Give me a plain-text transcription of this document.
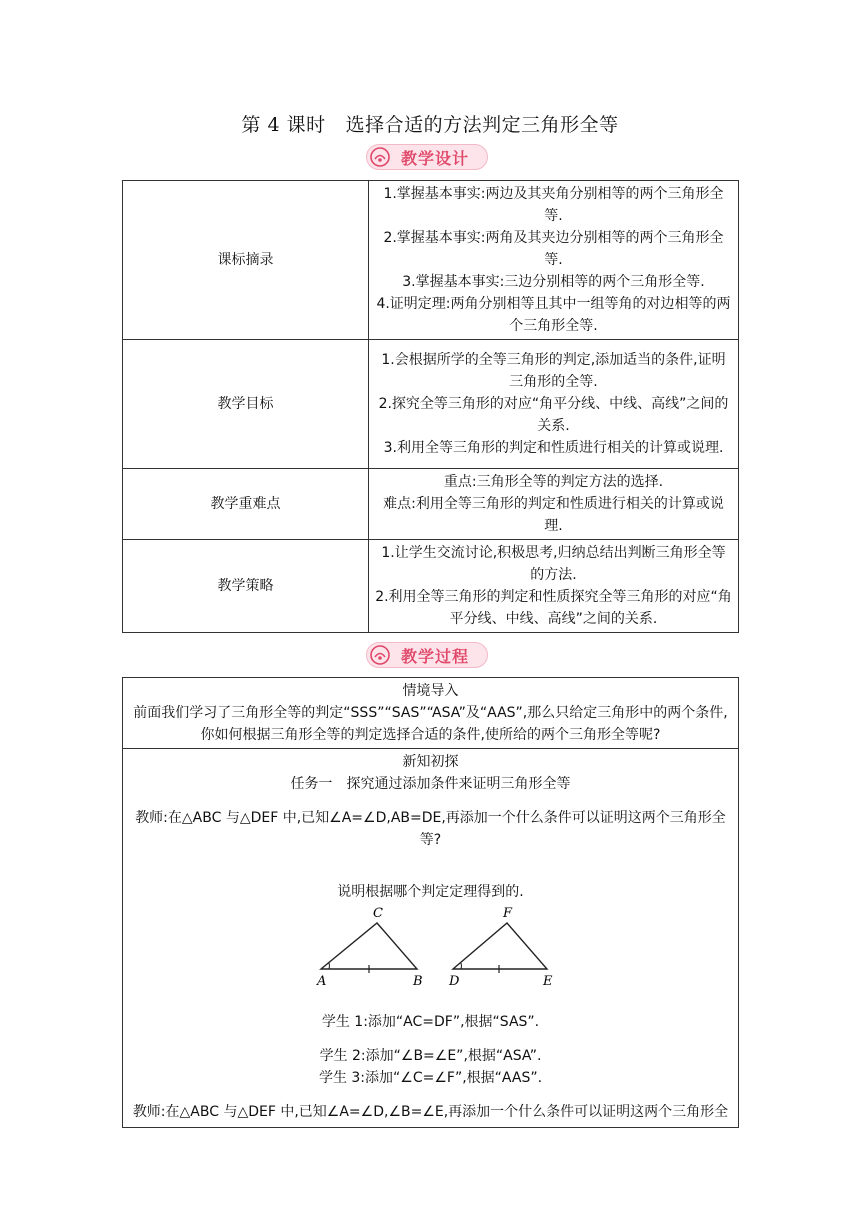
第 4 课时 选择合适的方法判定三角形全等
教学设计
课标摘录	1.掌握基本事实:两边及其夹角分别相等的两个三角形全等.
2.掌握基本事实:两角及其夹边分别相等的两个三角形全等.
3.掌握基本事实:三边分别相等的两个三角形全等.
4.证明定理:两角分别相等且其中一组等角的对边相等的两个三角形全等.

教学目标	1.会根据所学的全等三角形的判定,添加适当的条件,证明三角形的全等.
2.探究全等三角形的对应“角平分线、中线、高线”之间的关系.
3.利用全等三角形的判定和性质进行相关的计算或说理.

教学重难点	重点:三角形全等的判定方法的选择.
难点:利用全等三角形的判定和性质进行相关的计算或说理.

教学策略	1.让学生交流讨论,积极思考,归纳总结出判断三角形全等的方法.
2.利用全等三角形的判定和性质探究全等三角形的对应“角平分线、中线、高线”之间的关系.
教学过程
情境导入
前面我们学习了三角形全等的判定“SSS”“SAS”“ASA”及“AAS”,那么只给定三角形中的两个条件,你如何根据三角形全等的判定选择合适的条件,使所给的两个三角形全等呢?

新知初探
任务一　探究通过添加条件来证明三角形全等
教师:在△ABC 与△DEF 中,已知∠A=∠D,AB=DE,再添加一个什么条件可以证明这两个三角形全等?
说明根据哪个判定定理得到的.
A	B
C
D	E
F
学生 1:添加“AC=DF”,根据“SAS”.
学生 2:添加“∠B=∠E”,根据“ASA”.
学生 3:添加“∠C=∠F”,根据“AAS”.
教师:在△ABC 与△DEF 中,已知∠A=∠D,∠B=∠E,再添加一个什么条件可以证明这两个三角形全
